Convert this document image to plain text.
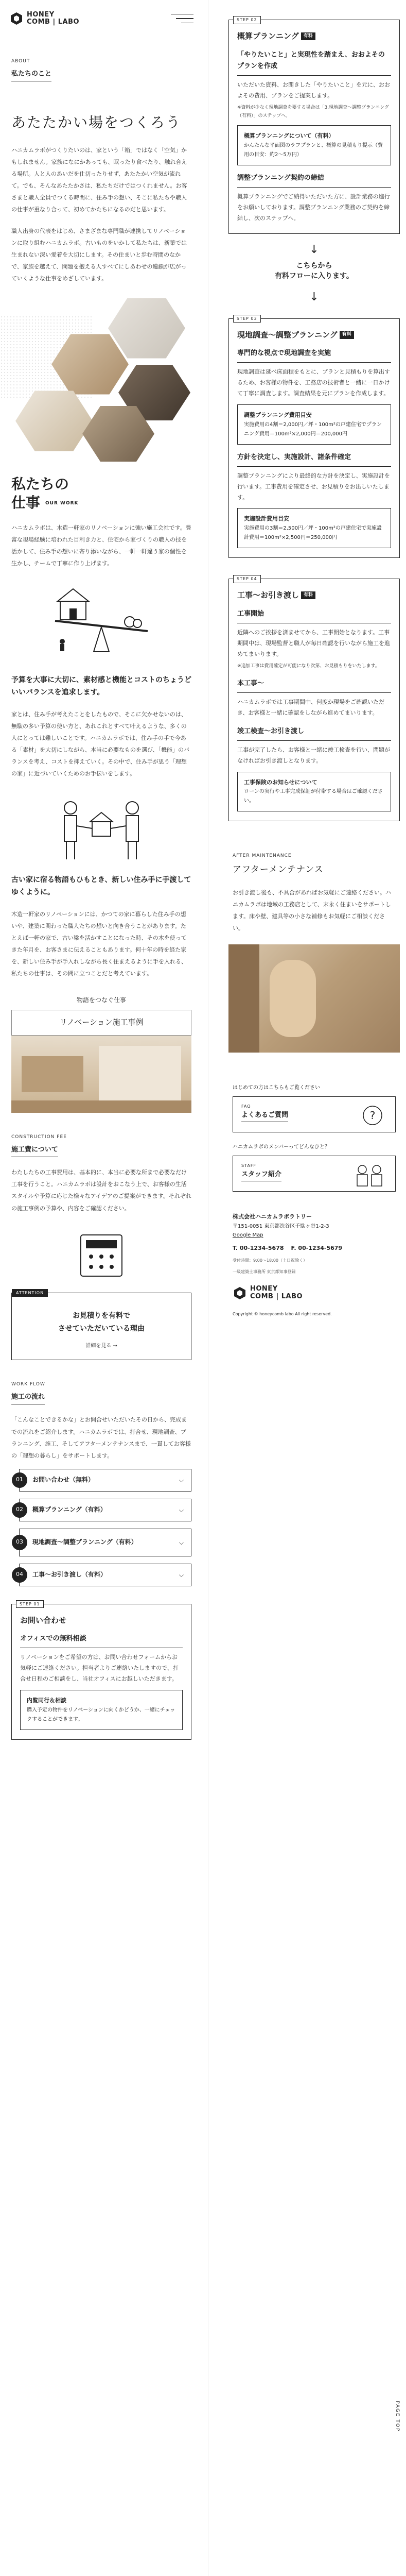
HONEY
COMB | LABO
ABOUT
私たちのこと
あたたかい場をつくろう

ハニカムラボがつくりたいのは、家という「箱」ではなく「空気」かもしれません。家族になにかあっても、眠ったり食べたり、触れ合える場所。人と人のあいだを仕切ったりせず、あたたかい空気が流れて。でも、そんなあたたかさは、私たちだけではつくれません。お客さまと職人全員でつくる時間に、住み手の想い、そこに私たちや職人の仕事が重なり合って、初めてかたちになるのだと思います。

職人出身の代表をはじめ、さまざまな専門職が連携してリノベーションに取り組むハニカムラボ。古いものをいかして私たちは、新築では生まれない深い愛着を大切にします。その住まいと歩む時間のなかで、家族を越えて、問題を抱える人すべてにしあわせの連鎖が広がっていくような仕事をめざしています。

私たちの
仕事 OUR WORK

ハニカムラボは、木造一軒家のリノベーションに強い施工会社です。豊富な現場経験に培われた目利き力と、住宅から家づくりの職人の技を活かして、住み手の想いに寄り添いながら、一軒一軒違う家の個性を生かし、チームで丁寧に作り上げます。

予算を大事に大切に、素材感と機能とコストのちょうどいいバランスを追求します。

家とは、住み手が考えたことをしたもので、そこに欠かせないのは、無駄の多い予算の使い方と、あれこれとすべて叶えるような、多くの人にとっては難しいことです。ハニカムラボでは、住み手の手で今ある「素材」を大切にしながら、本当に必要なものを選び、「機能」のバランスを考え、コストを抑えていく。その中で、住み手が思う「理想の家」に近づいていくためのお手伝いをします。

古い家に宿る物語もひもとき、新しい住み手に手渡してゆくように。

木造一軒家のリノベーションには、かつての家に暮らした住み手の想いや、建築に関わった職人たちの想いと向き合うことがあります。たとえば一軒の家で、古い梁を活かすことになった時、その木を使ってきた年月を、お客さまに伝えることもあります。何十年の時を経た家を、新しい住み手が手入れしながら長く住まえるように手を入れる、私たちの仕事は、その間に立つことだと考えています。

物語をつなぐ仕事
リノベーション施工事例
CONSTRUCTION FEE
施工費について

わたしたちの工事費用は、基本的に、本当に必要な所まで必要なだけ工事を行うこと。ハニカムラボは設計をおこなう上で、お客様の生活スタイルや予算に応じた様々なアイデアのご提案ができます。それぞれの施工事例の予算や、内容をご確認ください。

ATTENTION
お見積りを有料で
させていただいている理由
詳細を見る →
WORK FLOW
施工の流れ

「こんなことできるかな」とお問合せいただいたその日から、完成までの流れをご紹介します。ハニカムラボでは、打合せ、現地調査、プランニング、施工、そしてアフターメンテナンスまで、一貫してお客様の「理想の暮らし」をサポートします。

01	お問い合わせ（無料）	⌵
02	概算プランニング（有料）	⌵
03	現地調査〜調整プランニング（有料）	⌵
04	工事〜お引き渡し（有料）	⌵
STEP 01
お問い合わせ
オフィスでの無料相談

リノベーションをご希望の方は、お問い合わせフォームからお気軽にご連絡ください。担当者よりご連絡いたしますので、打合せ日程のご相談をし、当社オフィスにお越しいただきます。

内覧同行＆相談
購入予定の物件をリノベーションに向くかどうか、一緒にチェックすることができます。
STEP 02
概算プランニング 有料
「やりたいこと」と実現性を踏まえ、おおよそのプランを作成

いただいた資料、お聞きした「やりたいこと」を元に、おおよその費用、プランをご提案します。

※資料が少なく現地調査を要する場合は「3.現地調査〜調整プランニング（有料）」のステップへ。

概算プランニングについて（有料）
かんたんな平面図のラフプランと、概算の見積もり提示（費用の目安：約2〜5万円）
調整プランニング契約の締結

概算プランニングでご納得いただいた方に、設計業務の進行をお願いしております。調整プランニング業務のご契約を締結し、次のステップへ。

↓
こちらから
有料フローに入ります。
↓
STEP 03
現地調査〜調整プランニング 有料
専門的な視点で現地調査を実施

現地調査は延べ床面積をもとに、プランと見積もりを算出するため、お客様の物件を、工務店の技術者と一緒に一日かけて丁寧に調査します。調査結果を元にプランを作成します。

調整プランニング費用目安
実施費用の4割＝2,000円／坪・100m²の戸建住宅でプランニング費用＝100m²×2,000円＝200,000円
方針を決定し、実施設計、諸条件確定

調整プランニングにより最終的な方針を決定し、実施設計を行います。工事費用を確定させ、お見積りをお出しいたします。

実施設計費用目安
実施費用の3割＝2,500円／坪・100m²の戸建住宅で実施設計費用＝100m²×2,500円＝250,000円
STEP 04
工事〜お引き渡し 有料
工事開始

近隣へのご挨拶を済ませてから、工事開始となります。工事期間中は、現場監督と職人が毎日確認を行いながら施工を進めてまいります。

※追加工事は費用確定が可能になり次第、お見積もりをいたします。

本工事〜

ハニカムラボでは工事期間中、何度か現場をご確認いただき、お客様と一緒に確認をしながら進めてまいります。

竣工検査〜お引き渡し

工事が完了したら、お客様と一緒に竣工検査を行い、問題がなければお引き渡しとなります。

工事保険のお知らせについて
ローンの実行や工事完成保証が付帯する場合はご確認ください。
AFTER MAINTENANCE
アフターメンテナンス

お引き渡し後も、不具合があればお気軽にご連絡ください。ハニカムラボは地域の工務店として、末永く住まいをサポートします。床や壁、建具等の小さな補修もお気軽にご相談ください。

はじめての方はこちらもご覧ください
FAQ
よくあるご質問	?
ハニカムラボのメンバーってどんなひと？
STAFF
スタッフ紹介
株式会社ハニカムラボラトリー
〒151-0051 東京都渋谷区千駄ヶ谷1-2-3
Google Map
T. 00-1234-5678 F. 00-1234-5679
受付時間：9:00〜18:00（土日祝除く）
一級建築士事務所 東京都知事登録
HONEY
COMB | LABO
Copyright © honeycomb labo All right reserved.
PAGE TOP
